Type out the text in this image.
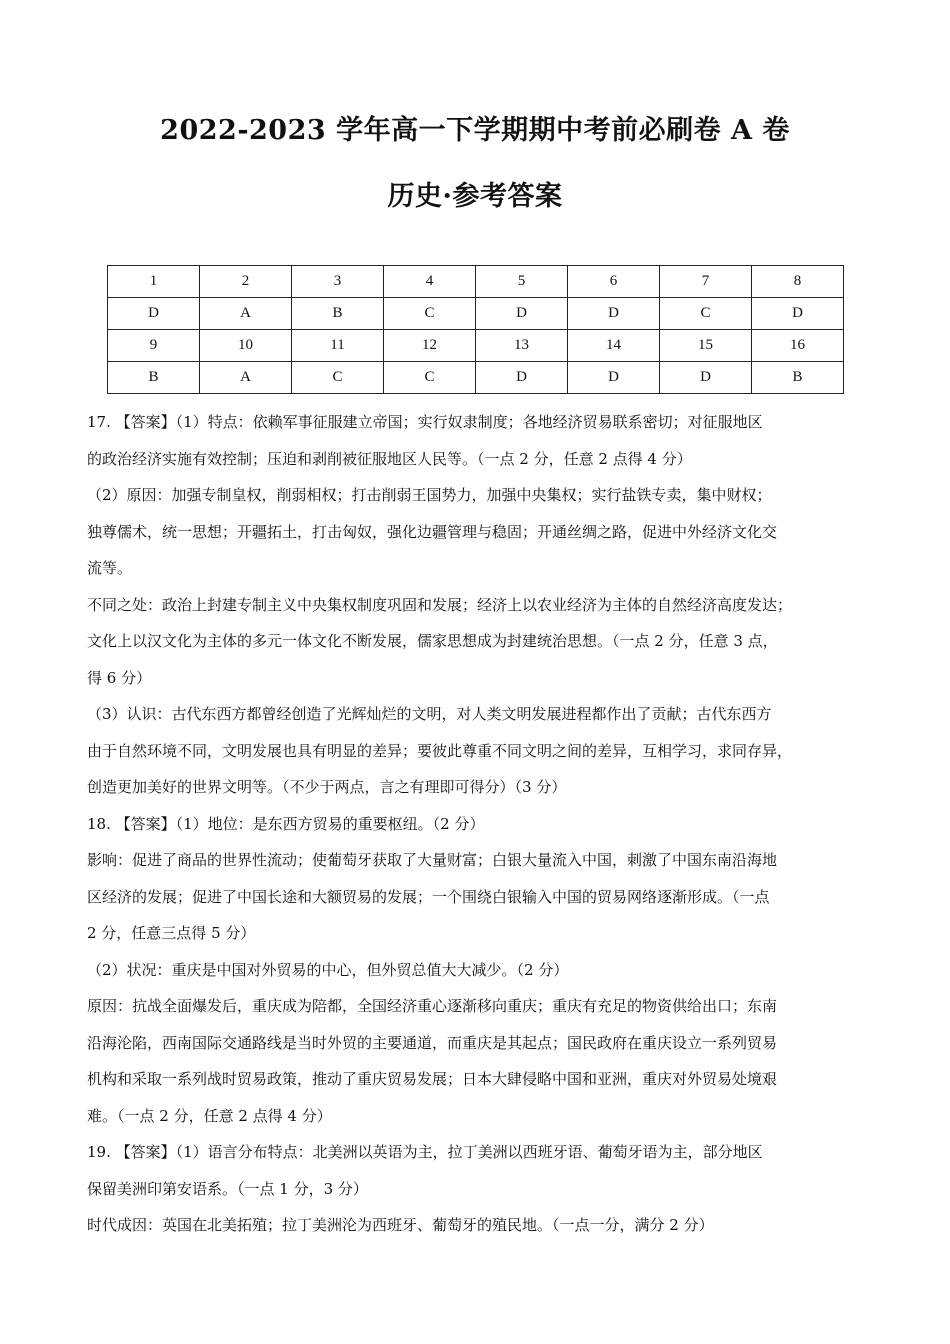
2022-2023 学年高一下学期期中考前必刷卷 A 卷
历史·参考答案
1	2	3	4	5	6	7	8
D	A	B	C	D	D	C	D
9	10	11	12	13	14	15	16
B	A	C	C	D	D	D	B

17. 【答案】（1）特点：依赖军事征服建立帝国；实行奴隶制度；各地经济贸易联系密切；对征服地区

的政治经济实施有效控制；压迫和剥削被征服地区人民等。（一点 2 分，任意 2 点得 4 分）

（2）原因：加强专制皇权，削弱相权；打击削弱王国势力，加强中央集权；实行盐铁专卖，集中财权；

独尊儒术，统一思想；开疆拓土，打击匈奴，强化边疆管理与稳固；开通丝绸之路，促进中外经济文化交

流等。

不同之处：政治上封建专制主义中央集权制度巩固和发展；经济上以农业经济为主体的自然经济高度发达；

文化上以汉文化为主体的多元一体文化不断发展，儒家思想成为封建统治思想。（一点 2 分，任意 3 点，

得 6 分）

（3）认识：古代东西方都曾经创造了光辉灿烂的文明，对人类文明发展进程都作出了贡献；古代东西方

由于自然环境不同，文明发展也具有明显的差异；要彼此尊重不同文明之间的差异，互相学习，求同存异，

创造更加美好的世界文明等。（不少于两点，言之有理即可得分）（3 分）

18. 【答案】（1）地位：是东西方贸易的重要枢纽。（2 分）

影响：促进了商品的世界性流动；使葡萄牙获取了大量财富；白银大量流入中国，刺激了中国东南沿海地

区经济的发展；促进了中国长途和大额贸易的发展；一个围绕白银输入中国的贸易网络逐渐形成。（一点

2 分，任意三点得 5 分）

（2）状况：重庆是中国对外贸易的中心，但外贸总值大大减少。（2 分）

原因：抗战全面爆发后，重庆成为陪都，全国经济重心逐渐移向重庆；重庆有充足的物资供给出口；东南

沿海沦陷，西南国际交通路线是当时外贸的主要通道，而重庆是其起点；国民政府在重庆设立一系列贸易

机构和采取一系列战时贸易政策，推动了重庆贸易发展；日本大肆侵略中国和亚洲，重庆对外贸易处境艰

难。（一点 2 分，任意 2 点得 4 分）

19. 【答案】（1）语言分布特点：北美洲以英语为主，拉丁美洲以西班牙语、葡萄牙语为主，部分地区

保留美洲印第安语系。（一点 1 分，3 分）

时代成因：英国在北美拓殖；拉丁美洲沦为西班牙、葡萄牙的殖民地。（一点一分，满分 2 分）
